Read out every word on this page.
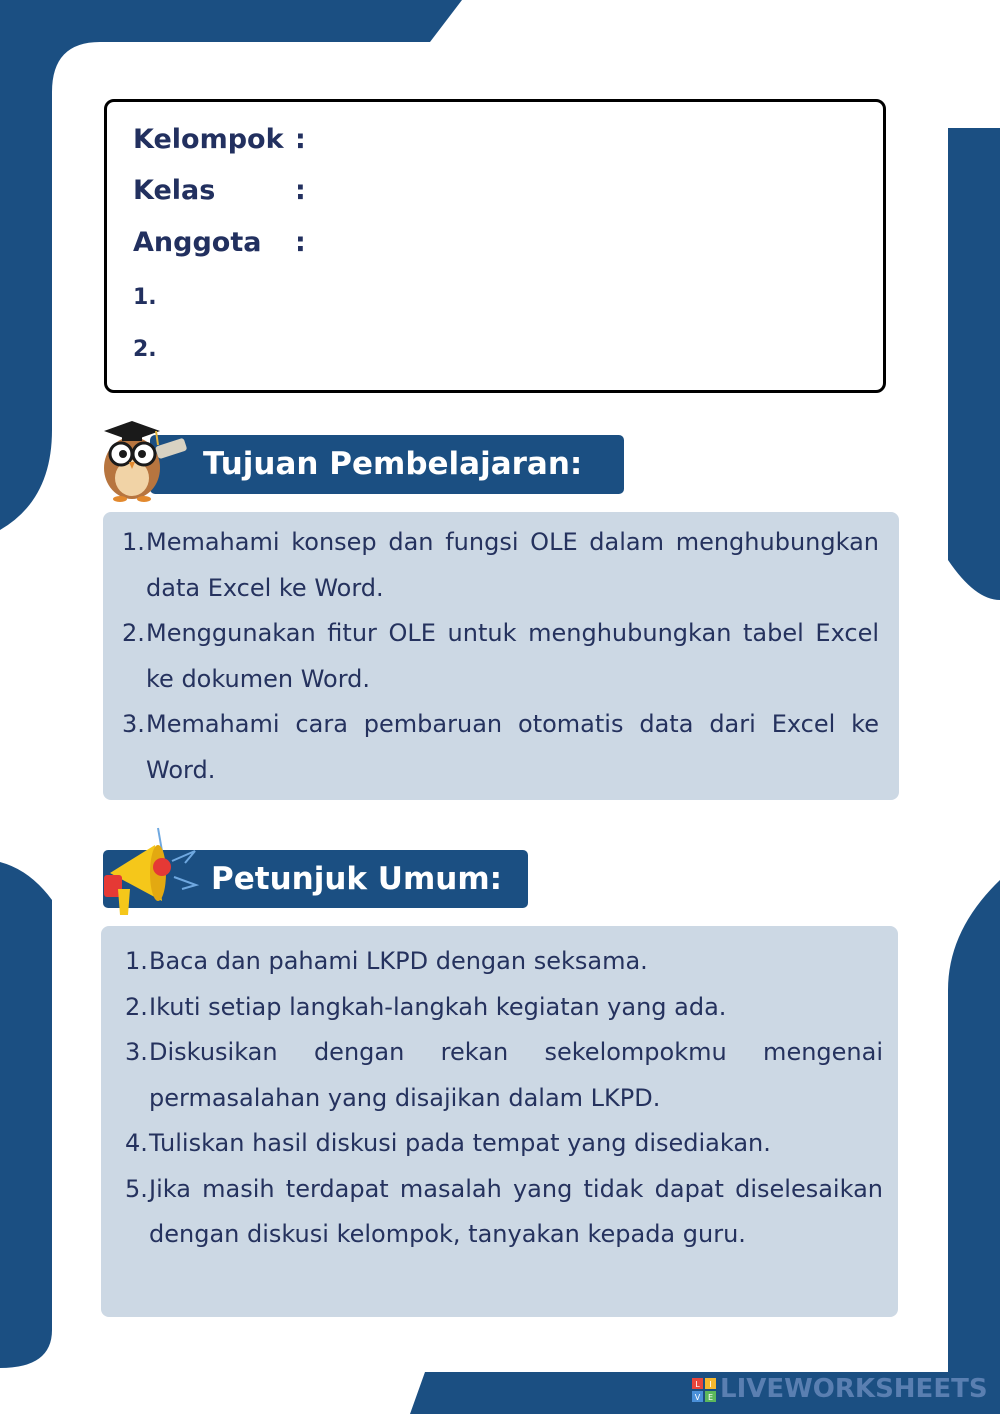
Kelompok :
Kelas	:
Anggota :
1.
2.
Tujuan Pembelajaran:
1. Memahami konsep dan fungsi OLE dalam menghubungkan data Excel ke Word.
2. Menggunakan fitur OLE untuk menghubungkan tabel Excel ke dokumen Word.
3. Memahami cara pembaruan otomatis data dari Excel ke Word.
Petunjuk Umum:
1. Baca dan pahami LKPD dengan seksama.
2. Ikuti setiap langkah-langkah kegiatan yang ada.
3. Diskusikan dengan rekan sekelompokmu mengenai permasalahan yang disajikan dalam LKPD.
4. Tuliskan hasil diskusi pada tempat yang disediakan.
5. Jika masih terdapat masalah yang tidak dapat diselesaikan dengan diskusi kelompok, tanyakan kepada guru.
L I
V E LIVEWORKSHEETS
